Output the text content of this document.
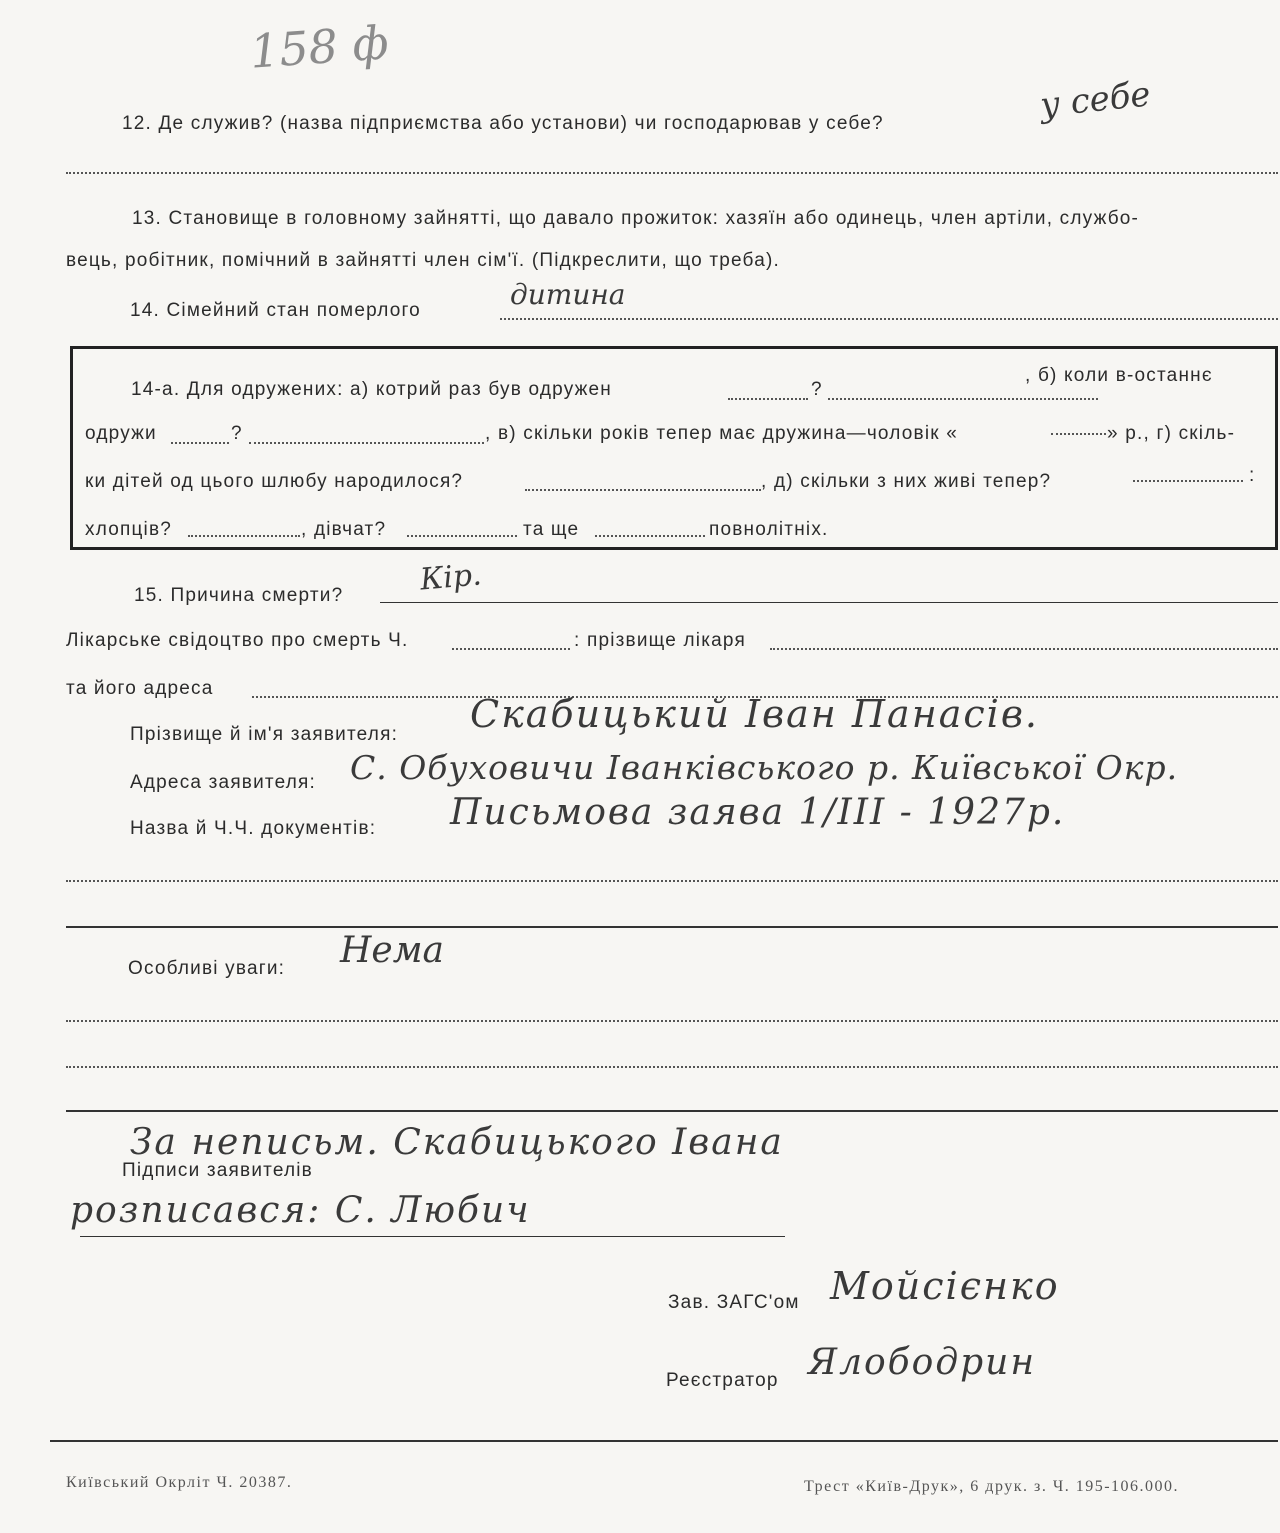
158 ф
12. Де служив? (назва підприємства або установи) чи господарював у себе?	у себе
13. Становище в головному зайнятті, що давало прожиток: хазяїн або одинець, член артіли, службо-
вець, робітник, помічний в зайнятті член сім'ї. (Підкреслити, що треба).
14. Сімейний стан померлого	дитина
14-а. Для одружених: а) котрий раз був одружен	?
, б) коли в-останнє
одружи	?	, в) скільки років тепер має дружина—чоловік «	» р., г) скіль-
ки дітей од цього шлюбу народилося?	, д) скільки з них живі тепер?	:
хлопців?	, дівчат?	та ще	повнолітніх.
15. Причина смерти?	Кір.
Лікарське свідоцтво про смерть Ч.	: прізвище лікаря
та його адреса
Прізвище й ім'я заявителя: Скабицький Іван Панасів.
Адреса заявителя: С. Обуховичи Іванківського р. Київської Окр.
Назва й Ч.Ч. документів: Письмова заява 1/ІІІ - 1927р.
Особливі уваги: Нема
За неписьм. Скабицького Івана
Підписи заявителів
розписався: С. Любич
Зав. ЗАГС'ом Мойсієнко
Реєстратор Ялободрин
Київський Окрліт Ч. 20387.	Трест «Київ-Друк», 6 друк. з. Ч. 195-106.000.
